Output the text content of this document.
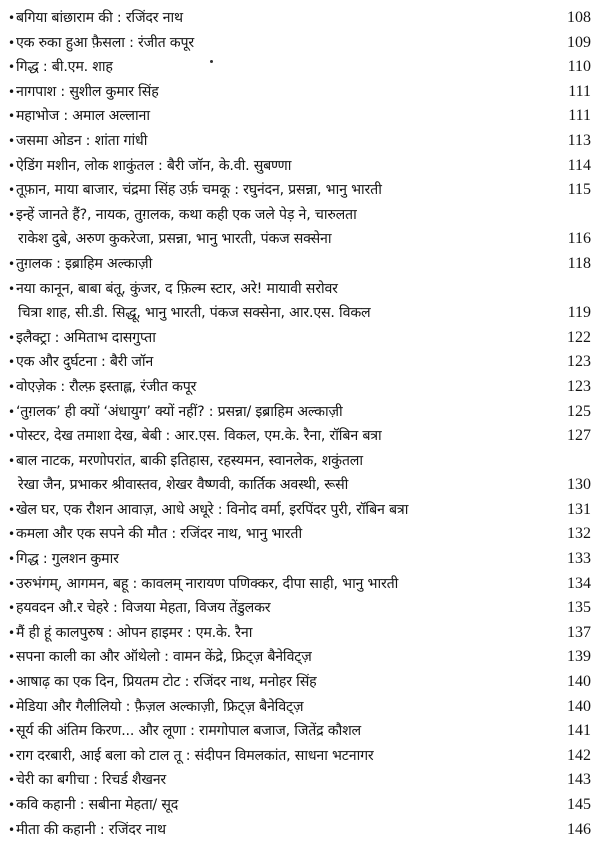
• बगिया बांछाराम की : रजिंदर नाथ	108
• एक रुका हुआ फ़ैसला : रंजीत कपूर	109
• गिद्ध : बी.एम. शाह	110
• नागपाश : सुशील कुमार सिंह	111
• महाभोज : अमाल अल्लाना	111
• जसमा ओडन : शांता गांधी	113
• ऐडिंग मशीन, लोक शाकुंतल : बैरी जॉन, के.वी. सुबण्णा	114
• तूफ़ान, माया बाजार, चंद्रमा सिंह उर्फ़ चमकू : रघुनंदन, प्रसन्ना, भानु भारती	115
• इन्हें जानते हैं?, नायक, तुग़लक, कथा कही एक जले पेड़ ने, चारुलता
राकेश दुबे, अरुण कुकरेजा, प्रसन्ना, भानु भारती, पंकज सक्सेना	116
• तुग़लक : इब्राहिम अल्काज़ी	118
• नया कानून, बाबा बंतू, कुंजर, द फ़िल्म स्टार, अरे! मायावी सरोवर
चित्रा शाह, सी.डी. सिद्धू, भानु भारती, पंकज सक्सेना, आर.एस. विकल	119
• इलैक्ट्रा : अमिताभ दासगुप्ता	122
• एक और दुर्घटना : बैरी जॉन	123
• वोएज़ेक : रौल्फ़ इस्ताह्ल, रंजीत कपूर	123
• ‘तुग़लक’ ही क्यों ‘अंधायुग’ क्यों नहीं? : प्रसन्ना/ इब्राहिम अल्काज़ी	125
• पोस्टर, देख तमाशा देख, बेबी : आर.एस. विकल, एम.के. रैना, रॉबिन बत्रा	127
• बाल नाटक, मरणोपरांत, बाकी इतिहास, रहस्यमन, स्वानलेक, शकुंतला
रेखा जैन, प्रभाकर श्रीवास्तव, शेखर वैष्णवी, कार्तिक अवस्थी, रूसी	130
• खेल घर, एक रौशन आवाज़, आधे अधूरे : विनोद वर्मा, इरपिंदर पुरी, रॉबिन बत्रा	131
• कमला और एक सपने की मौत : रजिंदर नाथ, भानु भारती	132
• गिद्ध : गुलशन कुमार	133
• उरुभंगम्, आगमन, बहू : कावलम् नारायण पणिक्कर, दीपा साही, भानु भारती	134
• हयवदन औ.र चेहरे : विजया मेहता, विजय तेंडुलकर	135
• मैं ही हूं कालपुरुष : ओपन हाइमर : एम.के. रैना	137
• सपना काली का और ऑथेलो : वामन केंद्रे, फ्रिट्ज़ बैनेविट्ज़	139
• आषाढ़ का एक दिन, प्रियतम टोट : रजिंदर नाथ, मनोहर सिंह	140
• मेडिया और गैलीलियो : फ़ैज़ल अल्काज़ी, फ्रिट्ज़ बैनेविट्ज़	140
• सूर्य की अंतिम किरण... और लूणा : रामगोपाल बजाज, जितेंद्र कौशल	141
• राग दरबारी, आई बला को टाल तू : संदीपन विमलकांत, साधना भटनागर	142
• चेरी का बगीचा : रिचर्ड शैखनर	143
• कवि कहानी : सबीना मेहता/ सूद	145
• मीता की कहानी : रजिंदर नाथ	146
